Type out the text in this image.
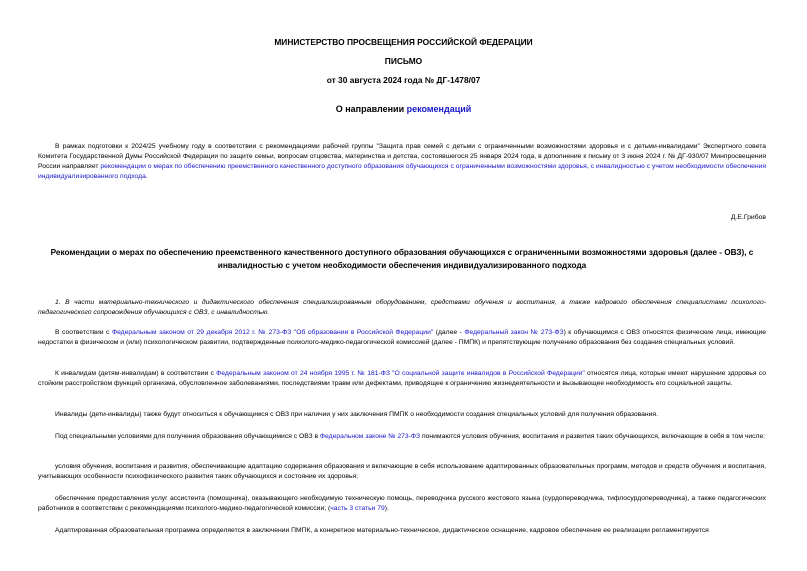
МИНИСТЕРСТВО ПРОСВЕЩЕНИЯ РОССИЙСКОЙ ФЕДЕРАЦИИ
ПИСЬМО
от 30 августа 2024 года № ДГ-1478/07
О направлении рекомендаций
В рамках подготовки к 2024/25 учебному году в соответствии с рекомендациями рабочей группы "Защита прав семей с детьми с ограниченными возможностями здоровья и с детьми-инвалидами" Экспертного совета Комитета Государственной Думы Российской Федерации по защите семьи, вопросам отцовства, материнства и детства, состоявшегося 25 января 2024 года, в дополнение к письму от 3 июня 2024 г. № ДГ-930/07 Минпросвещения России направляет рекомендации о мерах по обеспечению преемственного качественного доступного образования обучающихся с ограниченными возможностями здоровья, с инвалидностью с учетом необходимости обеспечения индивидуализированного подхода.
Д.Е.Грибов
Рекомендации о мерах по обеспечению преемственного качественного доступного образования обучающихся с ограниченными возможностями здоровья (далее - ОВЗ), с инвалидностью с учетом необходимости обеспечения индивидуализированного подхода
1. В части материально-технического и дидактического обеспечения специализированным оборудованием, средствами обучения и воспитания, а также кадрового обеспечения специалистами психолого-педагогического сопровождения обучающихся с ОВЗ, с инвалидностью.
В соответствии с Федеральным законом от 29 декабря 2012 г. № 273-ФЗ "Об образовании в Российской Федерации" (далее - Федеральный закон № 273-ФЗ) к обучающимся с ОВЗ относятся физические лица, имеющие недостатки в физическом и (или) психологическом развитии, подтвержденные психолого-медико-педагогической комиссией (далее - ПМПК) и препятствующие получению образования без создания специальных условий.
К инвалидам (детям-инвалидам) в соответствии с Федеральным законом от 24 ноября 1995 г. № 181-ФЗ "О социальной защите инвалидов в Российской Федерации" относятся лица, которые имеют нарушение здоровья со стойким расстройством функций организма, обусловленное заболеваниями, последствиями травм или дефектами, приводящее к ограничению жизнедеятельности и вызывающее необходимость его социальной защиты.
Инвалиды (дети-инвалиды) также будут относиться к обучающимся с ОВЗ при наличии у них заключения ПМПК о необходимости создания специальных условий для получения образования.
Под специальными условиями для получения образования обучающимися с ОВЗ в Федеральном законе № 273-ФЗ понимаются условия обучения, воспитания и развития таких обучающихся, включающие в себя в том числе:
условия обучения, воспитания и развития, обеспечивающие адаптацию содержания образования и включающие в себя использование адаптированных образовательных программ, методов и средств обучения и воспитания, учитывающих особенности психофизического развития таких обучающихся и состояние их здоровья;
обеспечение предоставления услуг ассистента (помощника), оказывающего необходимую техническую помощь, переводчика русского жестового языка (сурдопереводчика, тифлосурдопереводчика), а также педагогических работников в соответствии с рекомендациями психолого-медико-педагогической комиссии; (часть 3 статьи 79).
Адаптированная образовательная программа определяется в заключении ПМПК, а конкретное материально-техническое, дидактическое оснащение, кадровое обеспечение ее реализации регламентируется
